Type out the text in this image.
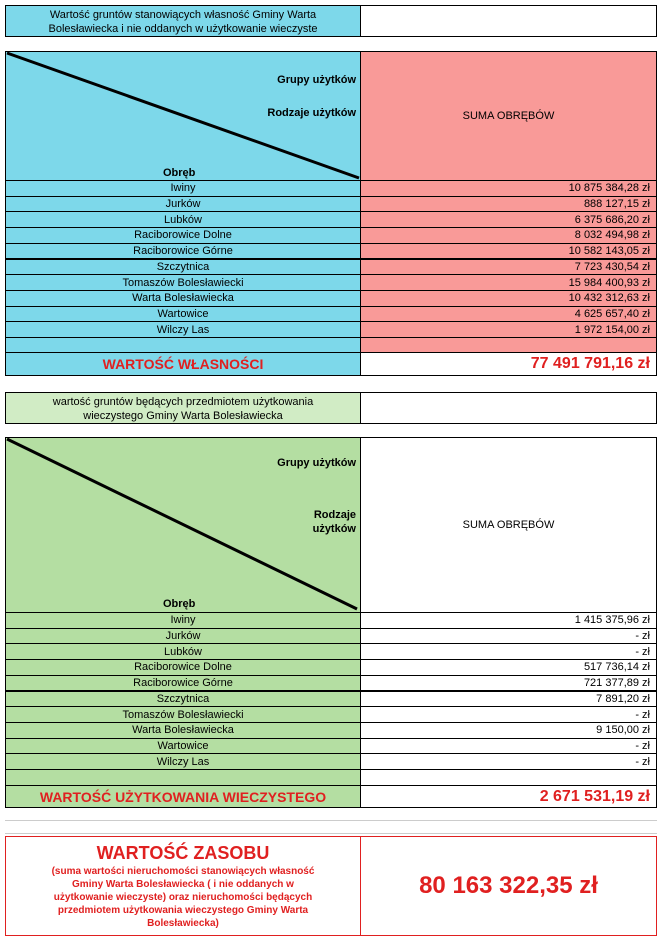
Wartość gruntów stanowiących własność Gminy Warta
Bolesławiecka i nie oddanych w użytkowanie wieczyste
Grupy użytków
Rodzaje użytków
Obręb
SUMA OBRĘBÓW
Iwiny	10 875 384,28 zł
Jurków	888 127,15 zł
Lubków	6 375 686,20 zł
Raciborowice Dolne	8 032 494,98 zł
Raciborowice Górne	10 582 143,05 zł
Szczytnica	7 723 430,54 zł
Tomaszów Bolesławiecki	15 984 400,93 zł
Warta Bolesławiecka	10 432 312,63 zł
Wartowice	4 625 657,40 zł
Wilczy Las	1 972 154,00 zł
WARTOŚĆ WŁASNOŚCI	77 491 791,16 zł
wartość gruntów będących przedmiotem użytkowania
wieczystego Gminy Warta Bolesławiecka
Grupy użytków
Rodzaje
użytków
Obręb
SUMA OBRĘBÓW
Iwiny	1 415 375,96 zł
Jurków	- zł
Lubków	- zł
Raciborowice Dolne	517 736,14 zł
Raciborowice Górne	721 377,89 zł
Szczytnica	7 891,20 zł
Tomaszów Bolesławiecki	- zł
Warta Bolesławiecka	9 150,00 zł
Wartowice	- zł
Wilczy Las	- zł
WARTOŚĆ UŻYTKOWANIA WIECZYSTEGO	2 671 531,19 zł
WARTOŚĆ ZASOBU
(suma wartości nieruchomości stanowiących własność
Gminy Warta Bolesławiecka ( i nie oddanych w
użytkowanie wieczyste) oraz nieruchomości będących
przedmiotem użytkowania wieczystego Gminy Warta
Bolesławiecka)
80 163 322,35 zł
